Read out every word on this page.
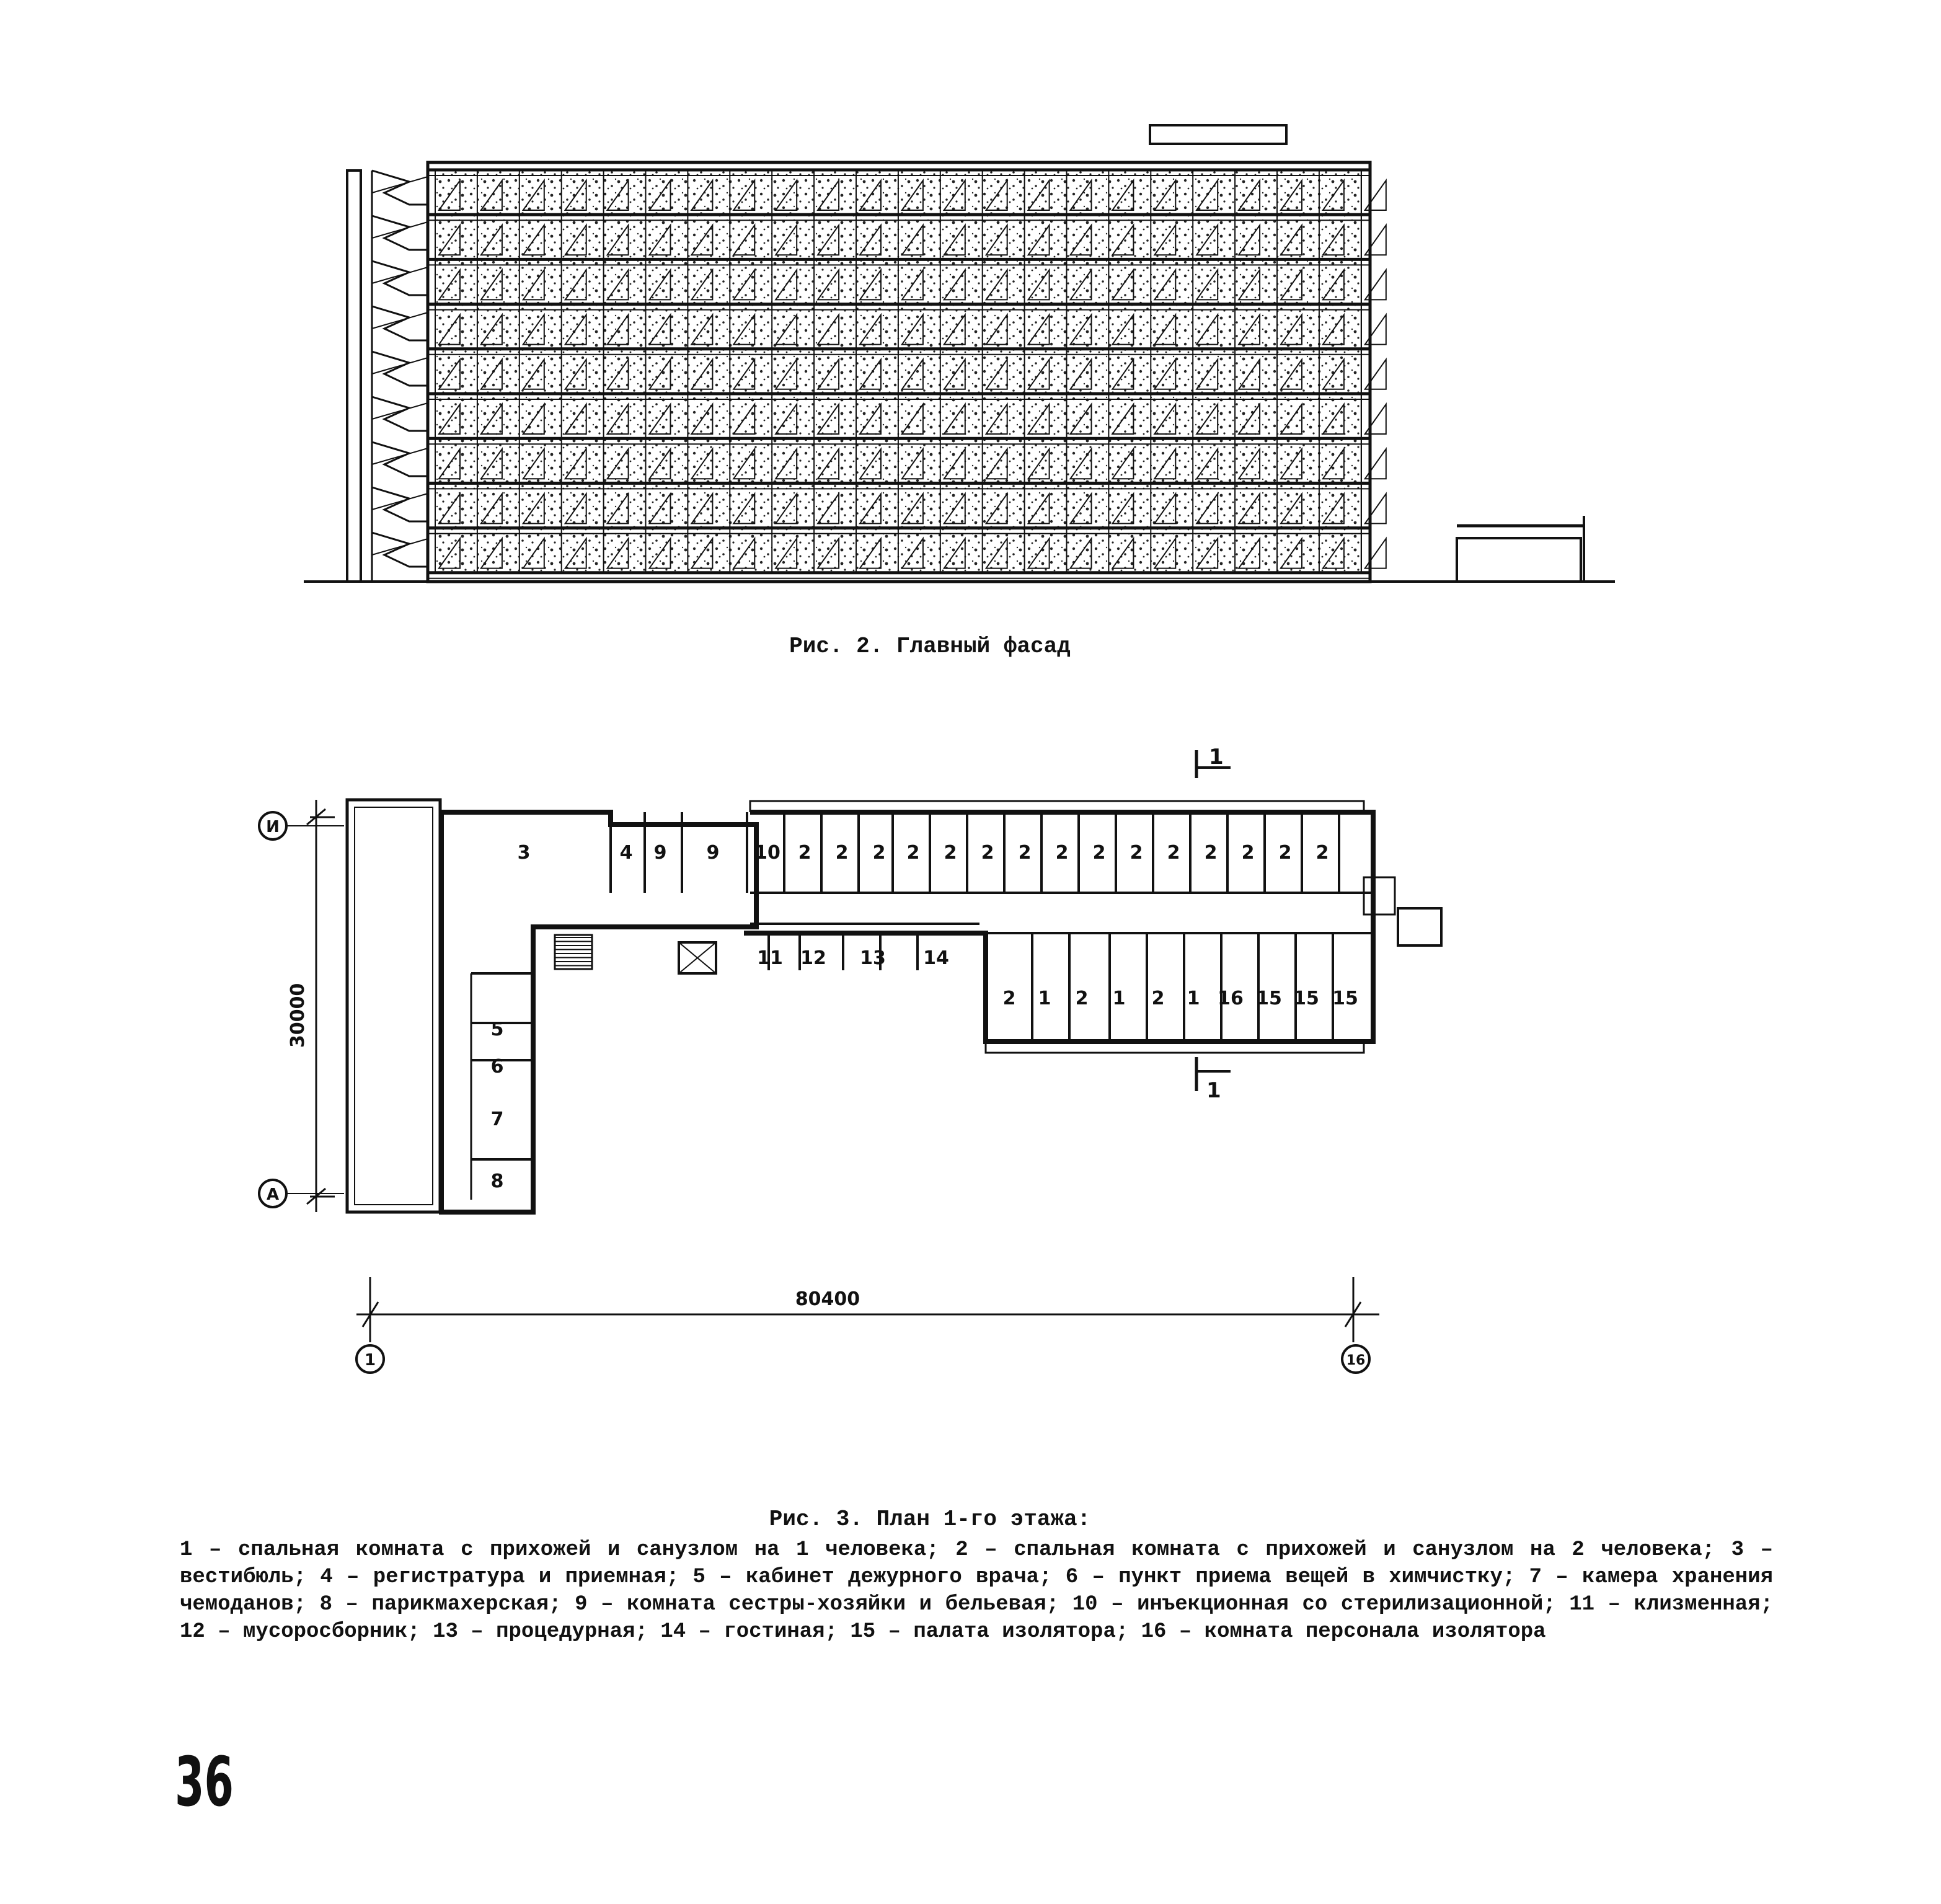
И
А
1	16
30000
80400
1
1
3	4 9 9 10 2 2 2 2 2 2 2 2 2 2 2 2 2 2 2
11 12 13 14
2 1 2 1 2 1 16 15 15 15
5
6
7
8
Рис. 2. Главный фасад
Рис. 3. План 1-го этажа:
1 – спальная комната с прихожей и санузлом на 1 человека; 2 – спальная комната с прихожей и санузлом на 2 человека; 3 – вестибюль; 4 – регистратура и приемная; 5 – кабинет дежурного врача; 6 – пункт приема вещей в химчистку; 7 – камера хранения чемоданов; 8 – парикмахерская; 9 – комната сестры-хозяйки и бельевая; 10 – инъекционная со стерилизационной; 11 – клизменная; 12 – мусоросборник; 13 – процедурная; 14 – гостиная; 15 – палата изолятора; 16 – комната персонала изолятора
36
